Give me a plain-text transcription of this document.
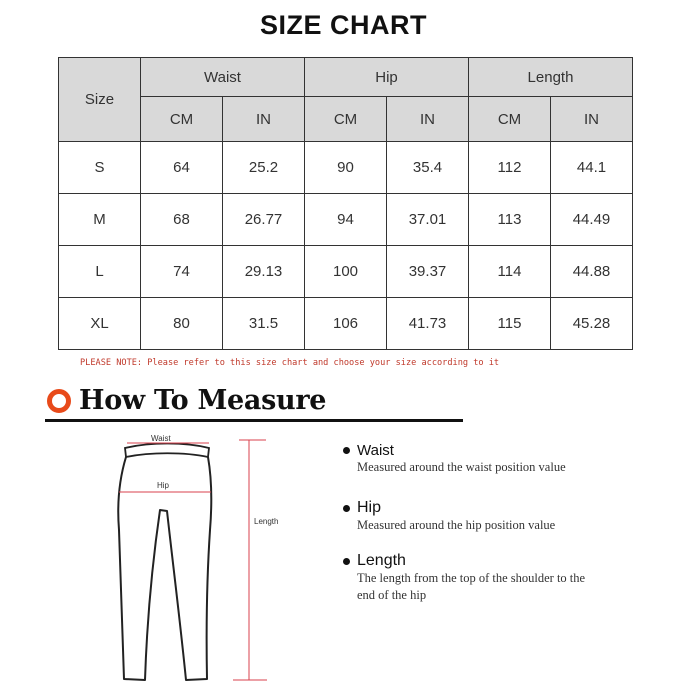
SIZE CHART
Size	Waist		Hip		Length	
	CM	IN	CM	IN	CM	IN
S	64	25.2	90	35.4	112	44.1
M	68	26.77	94	37.01	113	44.49
L	74	29.13	100	39.37	114	44.88
XL	80	31.5	106	41.73	115	45.28
PLEASE NOTE: Please refer to this size chart and choose your size according to it
How To Measure
Waist
Hip
Length
Waist
Measured around the waist position value
Hip
Measured around the hip position value
Length
The length from the top of the shoulder to the end of the hip
